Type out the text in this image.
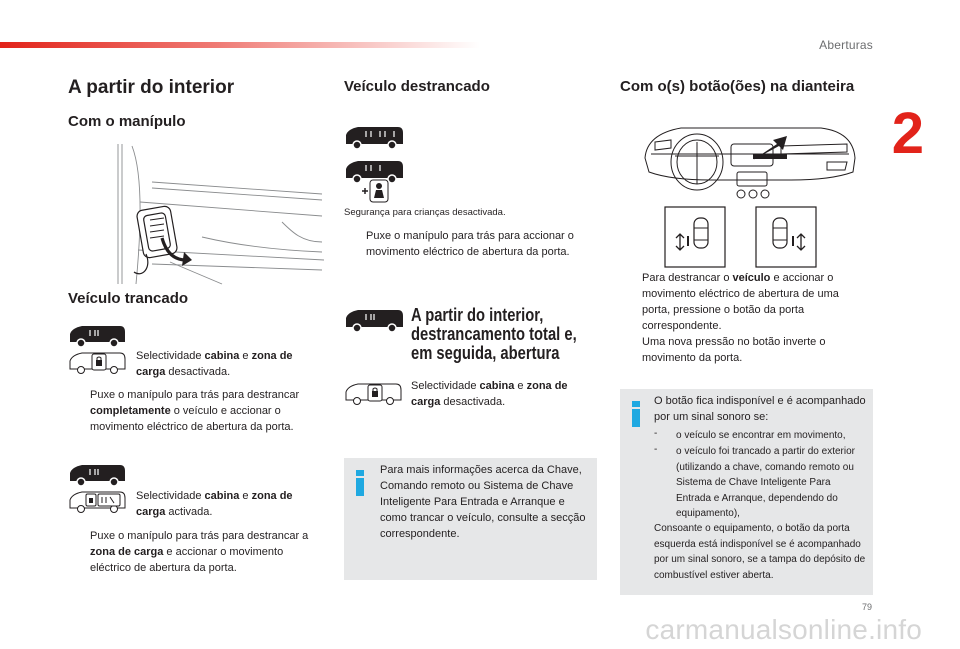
Aberturas
2
A partir do interior
Com o manípulo
Veículo trancado
Selectividade cabina e zona de carga desactivada.
Puxe o manípulo para trás para destrancar completamente o veículo e accionar o movimento eléctrico de abertura da porta.
Selectividade cabina e zona de carga activada.
Puxe o manípulo para trás para destrancar a zona de carga e accionar o movimento eléctrico de abertura da porta.
Veículo destrancado
Segurança para crianças desactivada.
Puxe o manípulo para trás para accionar o movimento eléctrico de abertura da porta.
A partir do interior, destrancamento total e, em seguida, abertura
Selectividade cabina e zona de carga desactivada.
Para mais informações acerca da Chave, Comando remoto ou Sistema de Chave Inteligente Para Entrada e Arranque e como trancar o veículo, consulte a secção correspondente.
Com o(s) botão(ões) na dianteira
Para destrancar o veículo e accionar o movimento eléctrico de abertura de uma porta, pressione o botão da porta correspondente.
Uma nova pressão no botão inverte o movimento da porta.
O botão fica indisponível e é acompanhado por um sinal sonoro se:
- o veículo se encontrar em movimento,
- o veículo foi trancado a partir do exterior (utilizando a chave, comando remoto ou Sistema de Chave Inteligente Para Entrada e Arranque, dependendo do equipamento),
Consoante o equipamento, o botão da porta esquerda está indisponível se é acompanhado por um sinal sonoro, se a tampa do depósito de combustível estiver aberta.
79
carmanualsonline.info
